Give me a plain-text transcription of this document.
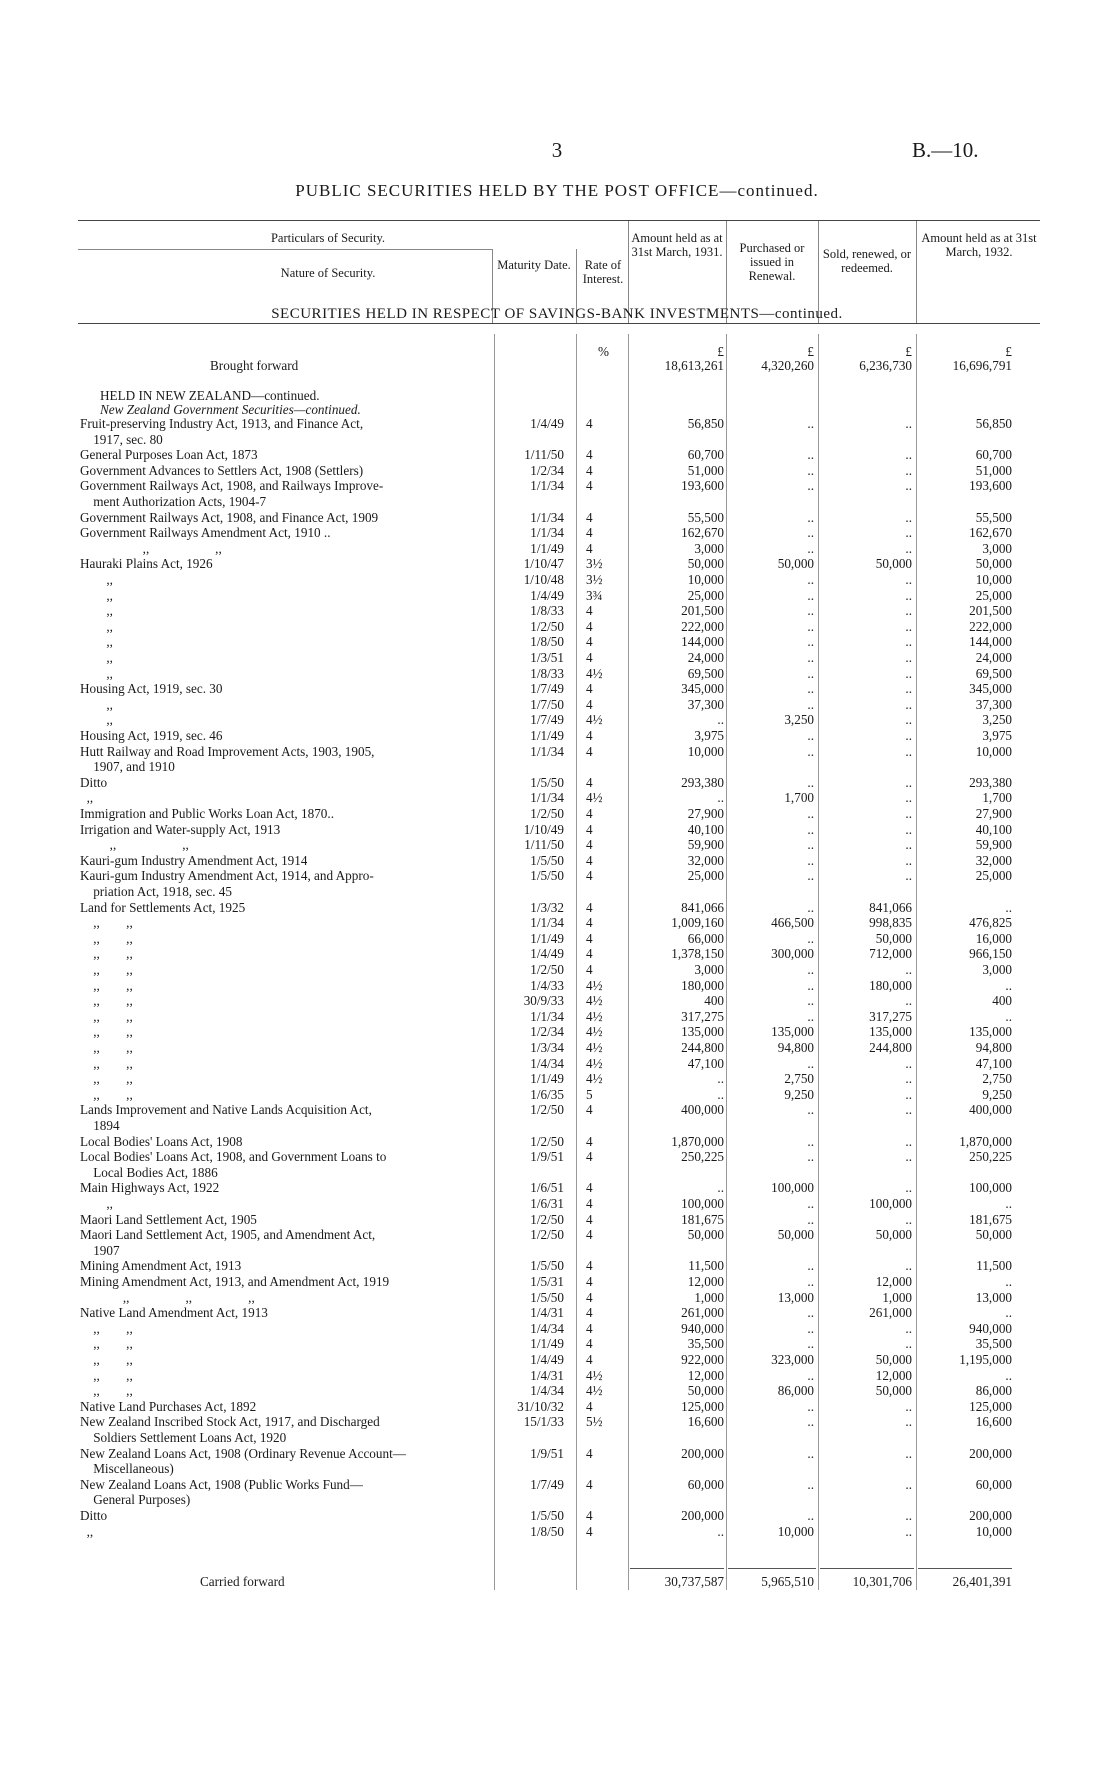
3	B.—10.
PUBLIC SECURITIES HELD BY THE POST OFFICE—continued.
Particulars of Security.
Nature of Security.
Maturity Date.	Rate of Interest.
Amount held as at 31st March, 1931.	Purchased or issued in Renewal.
Sold, renewed, or redeemed.
Amount held as at 31st March, 1932.
SECURITIES HELD IN RESPECT OF SAVINGS-BANK INVESTMENTS—continued.
%	£	£	£	£
Brought forward	18,613,261	4,320,260	6,236,730	16,696,791
HELD IN NEW ZEALAND—continued.
New Zealand Government Securities—continued.
Fruit-preserving Industry Act, 1913, and Finance Act,	1/4/49 4	56,850	..	..	56,850
1917, sec. 80
General Purposes Loan Act, 1873	1/11/50 4	60,700	..	..	60,700
Government Advances to Settlers Act, 1908 (Settlers)	1/2/34 4	51,000	..	..	51,000
Government Railways Act, 1908, and Railways Improve-	1/1/34 4	193,600	..	..	193,600
ment Authorization Acts, 1904-7
Government Railways Act, 1908, and Finance Act, 1909	1/1/34 4	55,500	..	..	55,500
Government Railways Amendment Act, 1910 ..	1/1/34 4	162,670	..	..	162,670
,,                    ,,	1/1/49 4	3,000	..	..	3,000
Hauraki Plains Act, 1926	1/10/47 3½	50,000	50,000	50,000	50,000
,,	1/10/48 3½	10,000	..	..	10,000
,,	1/4/49 3¾	25,000	..	..	25,000
,,	1/8/33 4	201,500	..	..	201,500
,,	1/2/50 4	222,000	..	..	222,000
,,	1/8/50 4	144,000	..	..	144,000
,,	1/3/51 4	24,000	..	..	24,000
,,	1/8/33 4½	69,500	..	..	69,500
Housing Act, 1919, sec. 30	1/7/49 4	345,000	..	..	345,000
,,	1/7/50 4	37,300	..	..	37,300
,,	1/7/49 4½	..	3,250	..	3,250
Housing Act, 1919, sec. 46	1/1/49 4	3,975	..	..	3,975
Hutt Railway and Road Improvement Acts, 1903, 1905,	1/1/34 4	10,000	..	..	10,000
1907, and 1910
Ditto	1/5/50 4	293,380	..	..	293,380
,,	1/1/34 4½	..	1,700	..	1,700
Immigration and Public Works Loan Act, 1870..	1/2/50 4	27,900	..	..	27,900
Irrigation and Water-supply Act, 1913	1/10/49 4	40,100	..	..	40,100
,,                    ,,	1/11/50 4	59,900	..	..	59,900
Kauri-gum Industry Amendment Act, 1914	1/5/50 4	32,000	..	..	32,000
Kauri-gum Industry Amendment Act, 1914, and Appro-	1/5/50 4	25,000	..	..	25,000
priation Act, 1918, sec. 45
Land for Settlements Act, 1925	1/3/32 4	841,066	..	841,066	..
,,        ,,	1/1/34 4	1,009,160	466,500	998,835	476,825
,,        ,,	1/1/49 4	66,000	..	50,000	16,000
,,        ,,	1/4/49 4	1,378,150	300,000	712,000	966,150
,,        ,,	1/2/50 4	3,000	..	..	3,000
,,        ,,	1/4/33 4½	180,000	..	180,000	..
,,        ,,	30/9/33 4½	400	..	..	400
,,        ,,	1/1/34 4½	317,275	..	317,275	..
,,        ,,	1/2/34 4½	135,000	135,000	135,000	135,000
,,        ,,	1/3/34 4½	244,800	94,800	244,800	94,800
,,        ,,	1/4/34 4½	47,100	..	..	47,100
,,        ,,	1/1/49 4½	..	2,750	..	2,750
,,        ,,	1/6/35 5	..	9,250	..	9,250
Lands Improvement and Native Lands Acquisition Act,	1/2/50 4	400,000	..	..	400,000
1894
Local Bodies' Loans Act, 1908	1/2/50 4	1,870,000	..	..	1,870,000
Local Bodies' Loans Act, 1908, and Government Loans to	1/9/51 4	250,225	..	..	250,225
Local Bodies Act, 1886
Main Highways Act, 1922	1/6/51 4	..	100,000	..	100,000
,,	1/6/31 4	100,000	..	100,000	..
Maori Land Settlement Act, 1905	1/2/50 4	181,675	..	..	181,675
Maori Land Settlement Act, 1905, and Amendment Act,	1/2/50 4	50,000	50,000	50,000	50,000
1907
Mining Amendment Act, 1913	1/5/50 4	11,500	..	..	11,500
Mining Amendment Act, 1913, and Amendment Act, 1919	1/5/31 4	12,000	..	12,000	..
,,                 ,,                 ,,	1/5/50 4	1,000	13,000	1,000	13,000
Native Land Amendment Act, 1913	1/4/31 4	261,000	..	261,000	..
,,        ,,	1/4/34 4	940,000	..	..	940,000
,,        ,,	1/1/49 4	35,500	..	..	35,500
,,        ,,	1/4/49 4	922,000	323,000	50,000	1,195,000
,,        ,,	1/4/31 4½	12,000	..	12,000	..
,,        ,,	1/4/34 4½	50,000	86,000	50,000	86,000
Native Land Purchases Act, 1892	31/10/32 4	125,000	..	..	125,000
New Zealand Inscribed Stock Act, 1917, and Discharged	15/1/33 5½	16,600	..	..	16,600
Soldiers Settlement Loans Act, 1920
New Zealand Loans Act, 1908 (Ordinary Revenue Account—	1/9/51 4	200,000	..	..	200,000
Miscellaneous)
New Zealand Loans Act, 1908 (Public Works Fund—	1/7/49 4	60,000	..	..	60,000
General Purposes)
Ditto	1/5/50 4	200,000	..	..	200,000
,,	1/8/50 4	..	10,000	..	10,000
Carried forward	30,737,587	5,965,510	10,301,706	26,401,391
